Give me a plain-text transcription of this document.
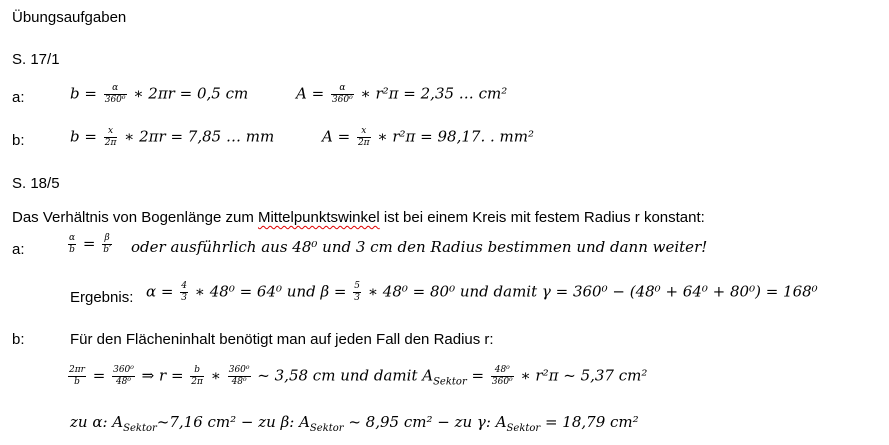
Übungsaufgaben
S. 17/1
a:	$b = \frac{\alpha}{\text{360⁰}}$ ∗ 2πr = 0,5 cm	$A = \frac{\alpha}{\text{360⁰}}$ ∗ r²π = 2,35 … cm²
b:	$b = \frac{x}{2\pi}$ ∗ 2πr = 7,85 … mm	$A = \frac{x}{2\pi}$ ∗ r²π = 98,17. . mm²
S. 18/5
Das Verhältnis von Bogenlänge zum Mittelpunktswinkel ist bei einem Kreis mit festem Radius r konstant:
a:	$\frac{\alpha}{b} = \frac{\beta}{b'}$ oder ausführlich aus 48⁰ und 3 cm den Radius bestimmen und dann weiter!
Ergebnis: $\alpha = \frac{4}{3}$ ∗ 48⁰ = 64⁰ und $\beta = \frac{5}{3}$ ∗ 48⁰ = 80⁰ und damit γ = 360⁰ − (48⁰ + 64⁰ + 80⁰) = 168⁰
b:	Für den Flächeninhalt benötigt man auf jeden Fall den Radius r:
$\frac{2\pi r}{b} = \frac{\text{360⁰}}{\text{48⁰}}$ ⇒ $r = \frac{b}{2\pi}$ ∗ $\frac{\text{360⁰}}{\text{48⁰}}$ ~ 3,58 cm und damit $A_{Sektor} = \frac{\text{48⁰}}{\text{360⁰}}$ ∗ r²π ~ 5,37 cm²
zu α: $A_{Sektor}\sim 7,16$ cm² − zu β: $A_{Sektor}$ ~ 8,95 cm² − zu γ: $A_{Sektor} = 18,79$ cm²
